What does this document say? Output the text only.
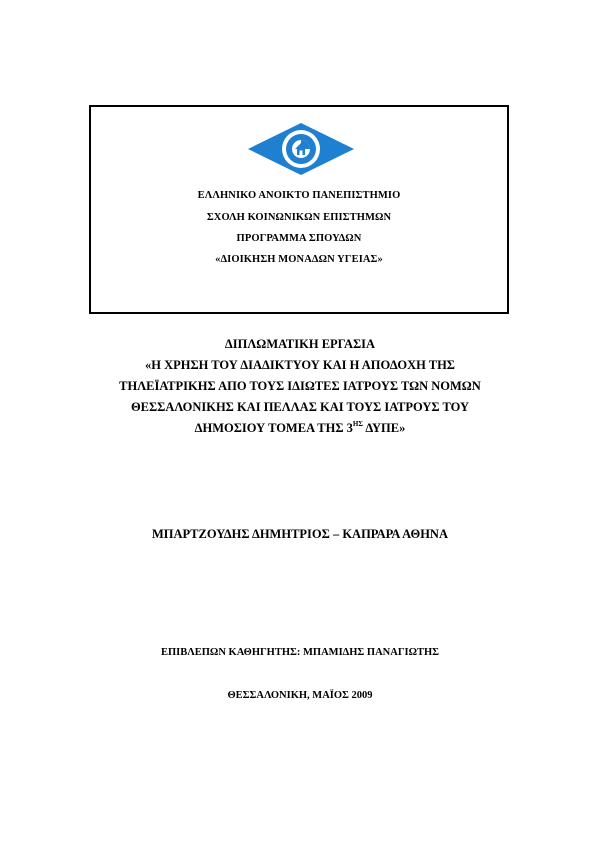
ΕΛΛΗΝΙΚΟ ΑΝΟΙΚΤΟ ΠΑΝΕΠΙΣΤΗΜΙΟ
ΣΧΟΛΗ ΚΟΙΝΩΝΙΚΩΝ ΕΠΙΣΤΗΜΩΝ
ΠΡΟΓΡΑΜΜΑ ΣΠΟΥΔΩΝ
«ΔΙΟΙΚΗΣΗ ΜΟΝΑΔΩΝ ΥΓΕΙΑΣ»
ΔΙΠΛΩΜΑΤΙΚΗ ΕΡΓΑΣΙΑ
«Η ΧΡΗΣΗ ΤΟΥ ΔΙΑΔΙΚΤΥΟΥ ΚΑΙ Η ΑΠΟΔΟΧΗ ΤΗΣ
ΤΗΛΕΪΑΤΡΙΚΗΣ ΑΠΟ ΤΟΥΣ ΙΔΙΩΤΕΣ ΙΑΤΡΟΥΣ ΤΩΝ ΝΟΜΩΝ
ΘΕΣΣΑΛΟΝΙΚΗΣ ΚΑΙ ΠΕΛΛΑΣ ΚΑΙ ΤΟΥΣ ΙΑΤΡΟΥΣ ΤΟΥ
ΔΗΜΟΣΙΟΥ ΤΟΜΕΑ ΤΗΣ $3^{H\Sigma}$ ΔΥΠΕ»
ΜΠΑΡΤΖΟΥΔΗΣ ΔΗΜΗΤΡΙΟΣ – ΚΑΠΡΑΡΑ ΑΘΗΝΑ
ΕΠΙΒΛΕΠΩΝ ΚΑΘΗΓΗΤΗΣ: ΜΠΑΜΙΔΗΣ ΠΑΝΑΓΙΩΤΗΣ
ΘΕΣΣΑΛΟΝΙΚΗ, ΜΑΪΟΣ 2009
